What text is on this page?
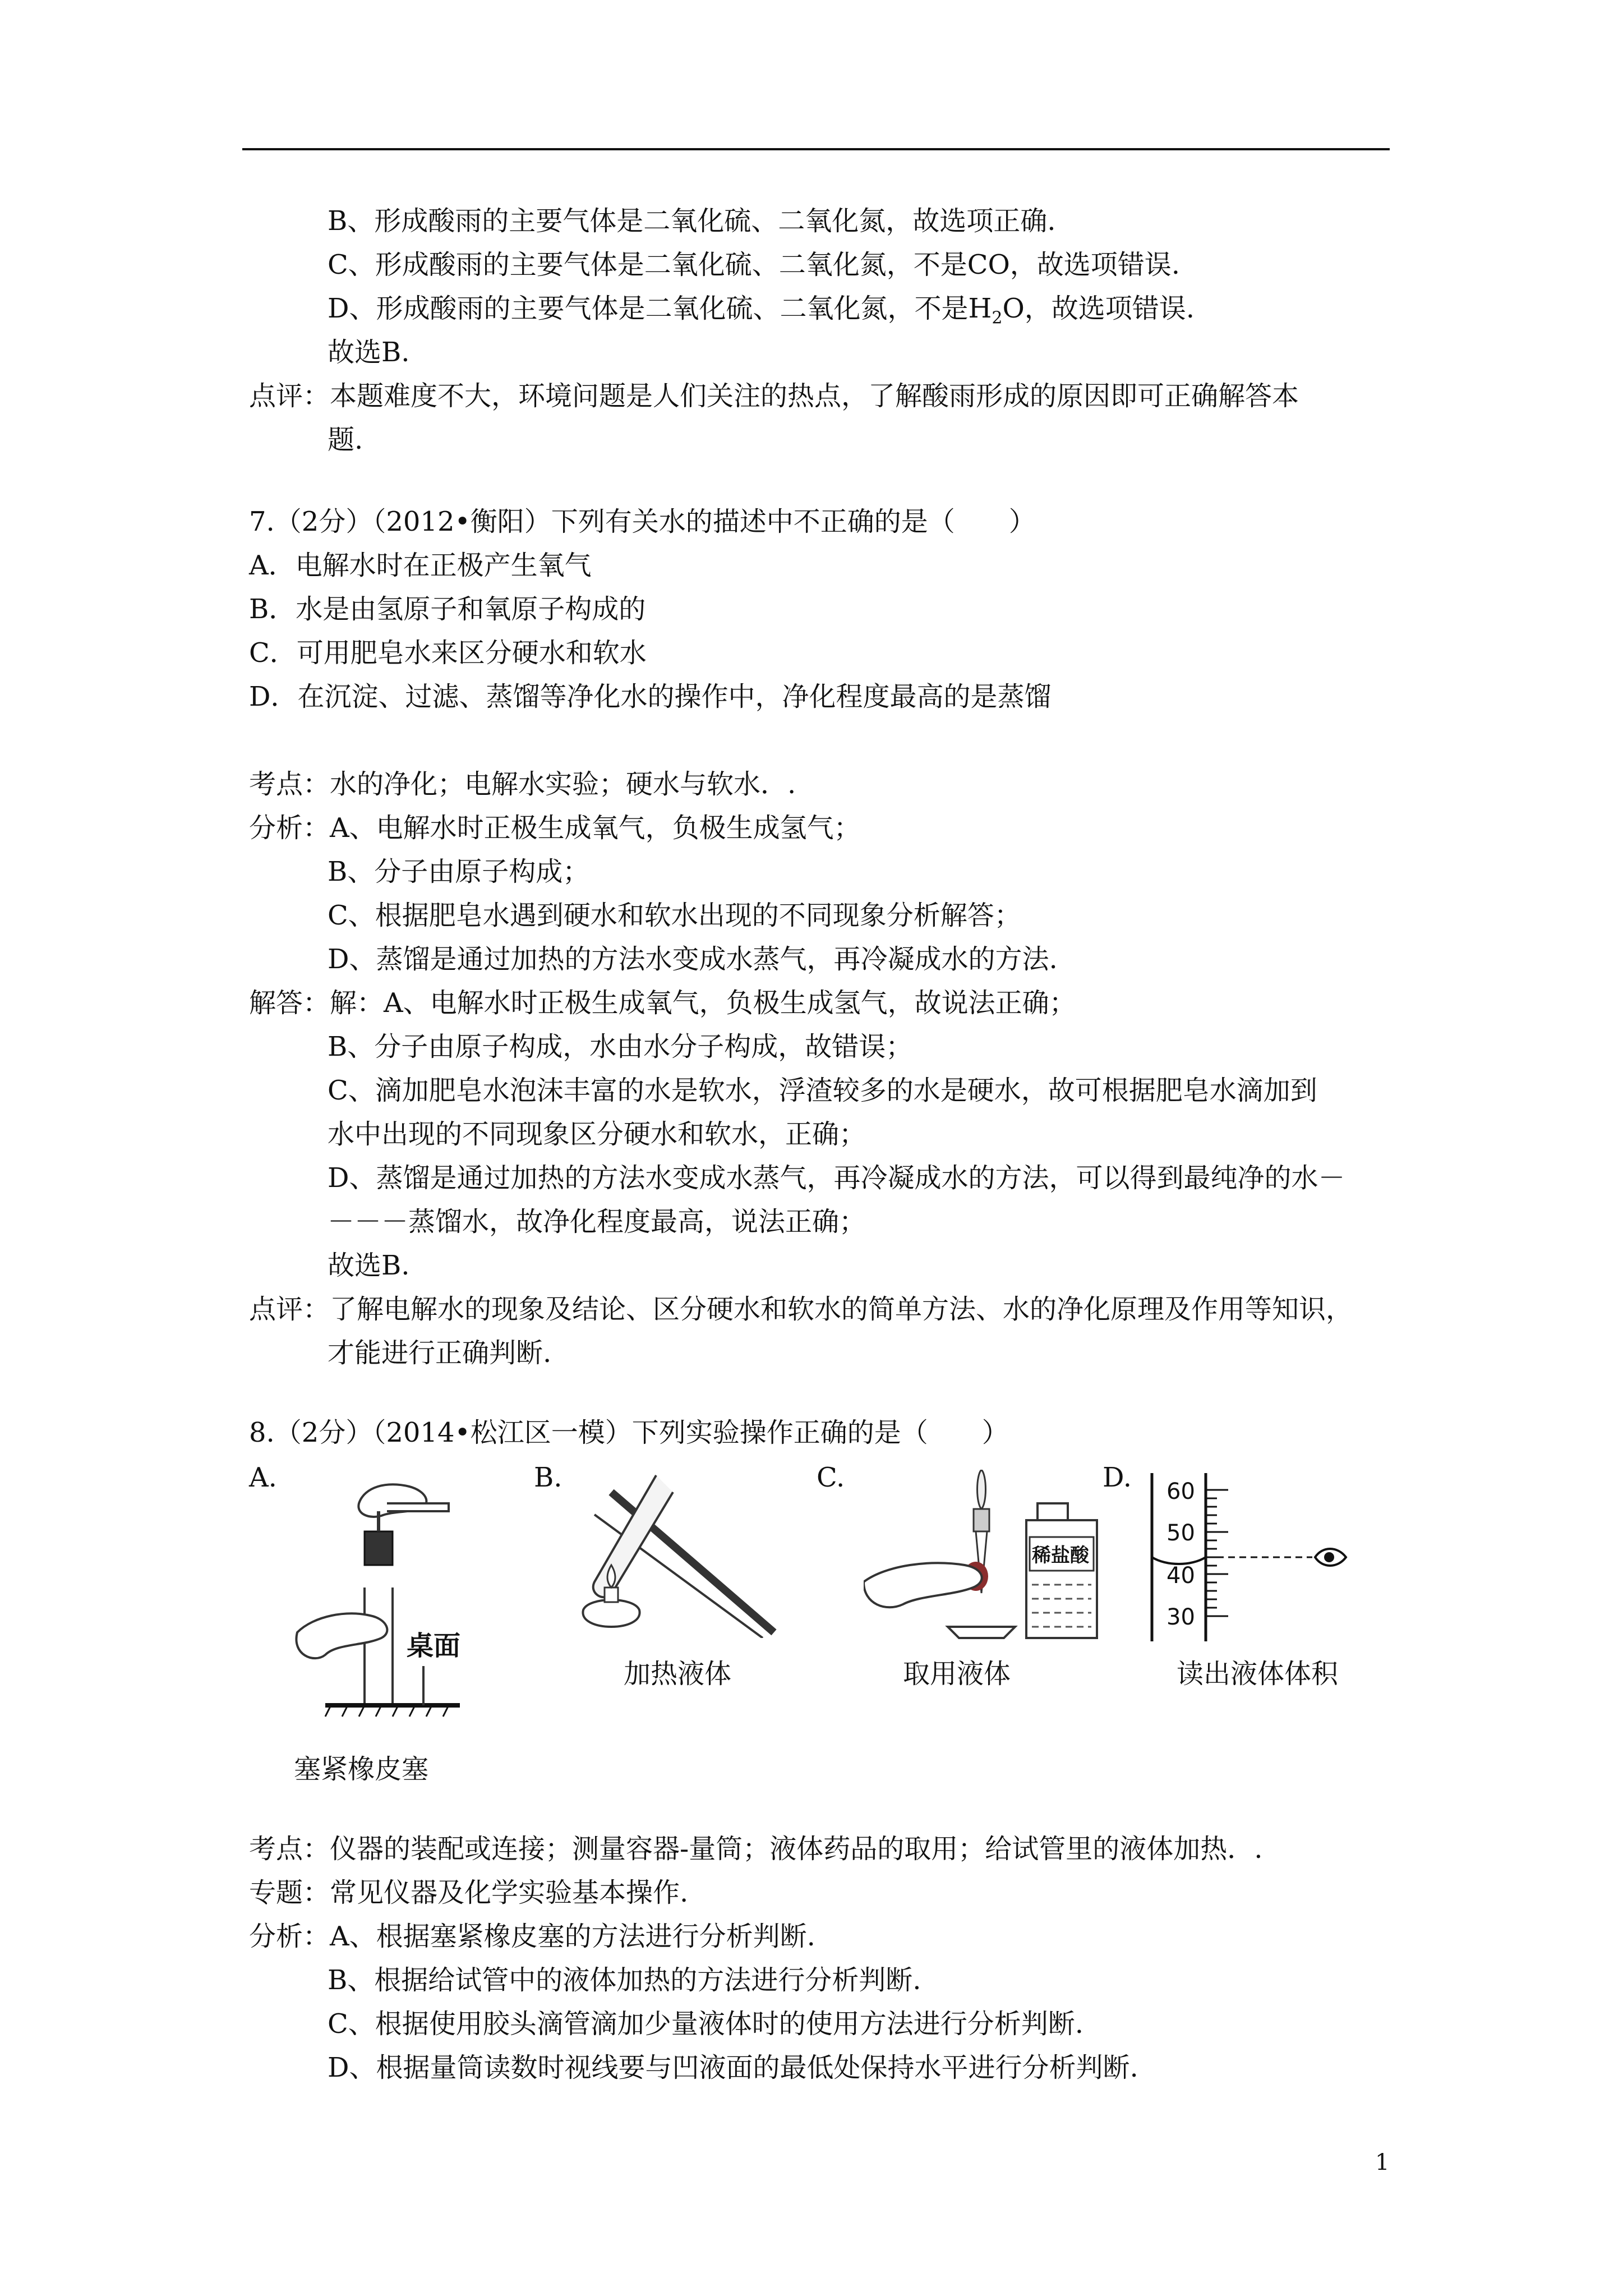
B、形成酸雨的主要气体是二氧化硫、二氧化氮，故选项正确.
C、形成酸雨的主要气体是二氧化硫、二氧化氮，不是CO，故选项错误.
D、形成酸雨的主要气体是二氧化硫、二氧化氮，不是$H_2O$，故选项错误.
故选B.
点评：本题难度不大，环境问题是人们关注的热点，了解酸雨形成的原因即可正确解答本
题.
7.（2分）（2012•衡阳）下列有关水的描述中不正确的是（　　）
A．电解水时在正极产生氧气
B．水是由氢原子和氧原子构成的
C．可用肥皂水来区分硬水和软水
D．在沉淀、过滤、蒸馏等净化水的操作中，净化程度最高的是蒸馏
考点：水的净化；电解水实验；硬水与软水．.
分析：A、电解水时正极生成氧气，负极生成氢气；
B、分子由原子构成；
C、根据肥皂水遇到硬水和软水出现的不同现象分析解答；
D、蒸馏是通过加热的方法水变成水蒸气，再冷凝成水的方法.
解答：解：A、电解水时正极生成氧气，负极生成氢气，故说法正确；
B、分子由原子构成，水由水分子构成，故错误；
C、滴加肥皂水泡沫丰富的水是软水，浮渣较多的水是硬水，故可根据肥皂水滴加到
水中出现的不同现象区分硬水和软水，正确；
D、蒸馏是通过加热的方法水变成水蒸气，再冷凝成水的方法，可以得到最纯净的水－
－－－蒸馏水，故净化程度最高，说法正确；
故选B.
点评：了解电解水的现象及结论、区分硬水和软水的简单方法、水的净化原理及作用等知识，
才能进行正确判断.
8.（2分）（2014•松江区一模）下列实验操作正确的是（　　）
A.	B.	C.	D.
桌面
加热液体
稀盐酸
取用液体
60
50
40
30
读出液体体积
塞紧橡皮塞
考点：仪器的装配或连接；测量容器-量筒；液体药品的取用；给试管里的液体加热．.
专题：常见仪器及化学实验基本操作.
分析：A、根据塞紧橡皮塞的方法进行分析判断.
B、根据给试管中的液体加热的方法进行分析判断.
C、根据使用胶头滴管滴加少量液体时的使用方法进行分析判断.
D、根据量筒读数时视线要与凹液面的最低处保持水平进行分析判断.
1
